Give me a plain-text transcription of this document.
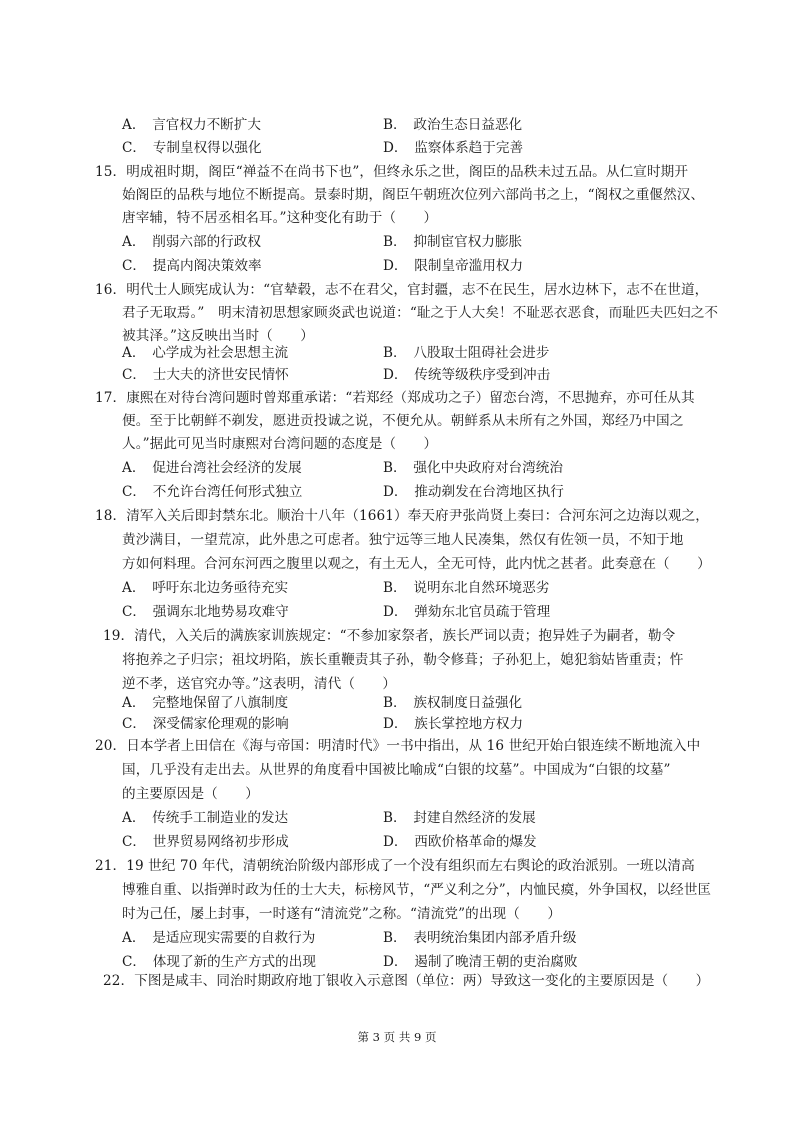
A．　言官权力不断扩大	B．　政治生态日益恶化
C．　专制皇权得以强化	D．　监察体系趋于完善
15．明成祖时期，阁臣“禅益不在尚书下也”，但终永乐之世，阁臣的品秩未过五品。从仁宣时期开
始阁臣的品秩与地位不断提高。景泰时期，阁臣午朝班次位列六部尚书之上，“阁权之重偃然汉、
唐宰辅，特不居丞相名耳。”这种变化有助于（　　）
A．　削弱六部的行政权	B．　抑制宦官权力膨胀
C．　提高内阁决策效率	D．　限制皇帝滥用权力
16．明代士人顾宪成认为：“官辇毂，志不在君父，官封疆，志不在民生，居水边林下，志不在世道，
君子无取焉。”　明末清初思想家顾炎武也说道：“耻之于人大矣！不耻恶衣恶食，而耻匹夫匹妇之不
被其泽。”这反映出当时（　　）
A．　心学成为社会思想主流	B．　八股取士阻碍社会进步
C．　士大夫的济世安民情怀	D．　传统等级秩序受到冲击
17．康熙在对待台湾问题时曾郑重承诺：“若郑经（郑成功之子）留恋台湾，不思抛弃，亦可任从其
便。至于比朝鲜不剃发，愿进贡投诚之说，不便允从。朝鲜系从未所有之外国，郑经乃中国之
人。”据此可见当时康熙对台湾问题的态度是（　　）
A．　促进台湾社会经济的发展	B．　强化中央政府对台湾统治
C．　不允许台湾任何形式独立	D．　推动剃发在台湾地区执行
18．清军入关后即封禁东北。顺治十八年（1661）奉天府尹张尚贤上奏曰：合河东河之边海以观之，
黄沙满目，一望荒凉，此外患之可虑者。独宁远等三地人民凑集，然仅有佐领一员，不知于地
方如何料理。合河东河西之腹里以观之，有土无人，全无可恃，此内忧之甚者。此奏意在（　　）
A．　呼吁东北边务亟待充实	B．　说明东北自然环境恶劣
C．　强调东北地势易攻难守	D．　弹劾东北官员疏于管理
19．清代，入关后的满族家训族规定：“不参加家祭者，族长严词以责；抱异姓子为嗣者，勒令
将抱养之子归宗；祖坟坍陷，族长重鞭责其子孙，勒令修葺；子孙犯上，媳犯翁姑皆重责；忤
逆不孝，送官究办等。”这表明，清代（　　）
A．　完整地保留了八旗制度	B．　族权制度日益强化
C．　深受儒家伦理观的影响	D．　族长掌控地方权力
20．日本学者上田信在《海与帝国：明清时代》一书中指出，从 16 世纪开始白银连续不断地流入中
国，几乎没有走出去。从世界的角度看中国被比喻成“白银的坟墓”。中国成为“白银的坟墓”
的主要原因是（　　）
A．　传统手工制造业的发达	B．　封建自然经济的发展
C．　世界贸易网络初步形成	D．　西欧价格革命的爆发
21．19 世纪 70 年代，清朝统治阶级内部形成了一个没有组织而左右舆论的政治派别。一班以清高
博雅自重、以指弹时政为任的士大夫，标榜风节，“严义利之分”，内恤民瘼，外争国权，以经世匡
时为己任，屡上封事，一时遂有“清流党”之称。“清流党”的出现（　　）
A．　是适应现实需要的自救行为	B．　表明统治集团内部矛盾升级
C．　体现了新的生产方式的出现	D．　遏制了晚清王朝的吏治腐败
22．下图是咸丰、同治时期政府地丁银收入示意图（单位：两）导致这一变化的主要原因是（　　）
第 3 页 共 9 页
